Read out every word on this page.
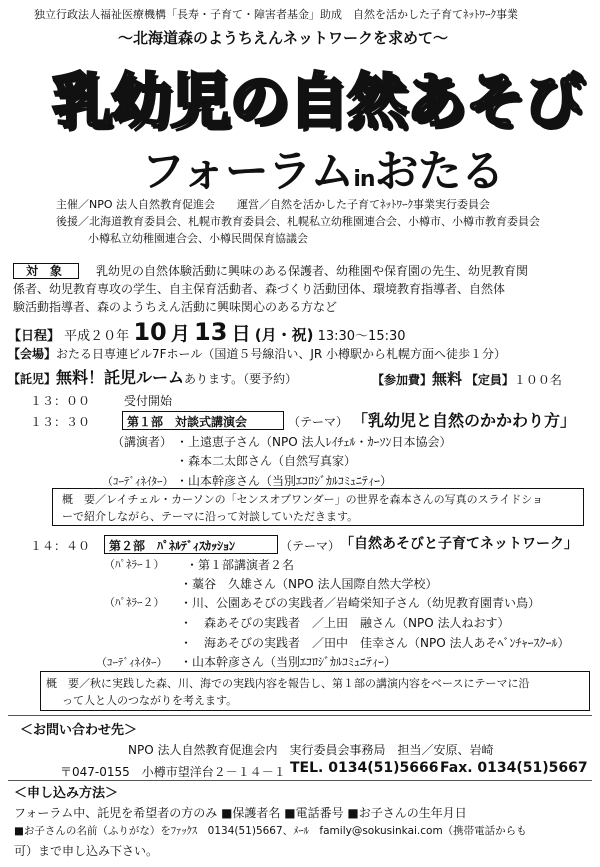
独立行政法人福祉医療機構「長寿・子育て・障害者基金」助成　自然を活かした子育てﾈｯﾄﾜｰｸ事業
～北海道森のようちえんネットワークを求めて～
乳幼児の自然あそび
フォーラムinおたる
主催／NPO 法人自然教育促進会　　運営／自然を活かした子育てﾈｯﾄﾜｰｸ事業実行委員会
後援／北海道教育委員会、札幌市教育委員会、札幌私立幼稚園連合会、小樽市、小樽市教育委員会
小樽私立幼稚園連合会、小樽民間保育協議会
対　象	乳幼児の自然体験活動に興味のある保護者、幼稚園や保育園の先生、幼児教育関
係者、幼児教育専攻の学生、自主保育活動者、森づくり活動団体、環境教育指導者、自然体
験活動指導者、森のようちえん活動に興味関心のある方など
【日程】 平成２０年 10 月 13 日 (月・祝) 13:30～15:30
【会場】おたる日専連ビル7Fホール（国道５号線沿い、JR 小樽駅から札幌方面へ徒歩１分）
【託児】無料！託児ルームあります。（要予約）	【参加費】無料 【定員】１００名
１３：００	受付開始
１３：３０	第１部　対談式講演会	（テーマ） 「乳幼児と自然のかかわり方」
（講演者） ・上遠恵子さん（NPO 法人ﾚｲﾁｪﾙ・ｶｰｿﾝ日本協会）
・森本二太郎さん（自然写真家）
（ｺｰﾃﾞｨﾈｲﾀｰ） ・山本幹彦さん（当別ｴｺﾛｼﾞｶﾙｺﾐｭﾆﾃｨｰ）
概　要／レイチェル・カーソンの「センスオブワンダー」の世界を森本さんの写真のスライドショ
ーで紹介しながら、テーマに沿って対談していただきます。
１４：４０ 第２部　ﾊﾟﾈﾙﾃﾞｨｽｶｯｼｮﾝ	（テーマ） 「自然あそびと子育てネットワーク」
（ﾊﾟﾈﾗｰ１） ・第１部講演者２名
・藁谷　久雄さん（NPO 法人国際自然大学校）
（ﾊﾟﾈﾗｰ２） ・川、公園あそびの実践者／岩崎栄知子さん（幼児教育園青い鳥）
・　森あそびの実践者　／上田　融さん（NPO 法人ねおす）
・　海あそびの実践者　／田中　佳幸さん（NPO 法人あそﾍﾞﾝﾁｬｰｽｸｰﾙ）
（ｺｰﾃﾞｨﾈｲﾀｰ） ・山本幹彦さん（当別ｴｺﾛｼﾞｶﾙｺﾐｭﾆﾃｨｰ）
概　要／秋に実践した森、川、海での実践内容を報告し、第１部の講演内容をベースにテーマに沿
って人と人のつながりを考えます。
＜お問い合わせ先＞
NPO 法人自然教育促進会内　実行委員会事務局　担当／安原、岩崎
〒047-0155　小樽市望洋台２－１４－１ TEL. 0134(51)5666 Fax. 0134(51)5667
＜申し込み方法＞
フォーラム中、託児を希望者の方のみ ■保護者名 ■電話番号 ■お子さんの生年月日
■お子さんの名前（ふりがな）をﾌｧｯｸｽ　0134(51)5667、ﾒｰﾙ　family@sokusinkai.com（携帯電話からも
可）まで申し込み下さい。
